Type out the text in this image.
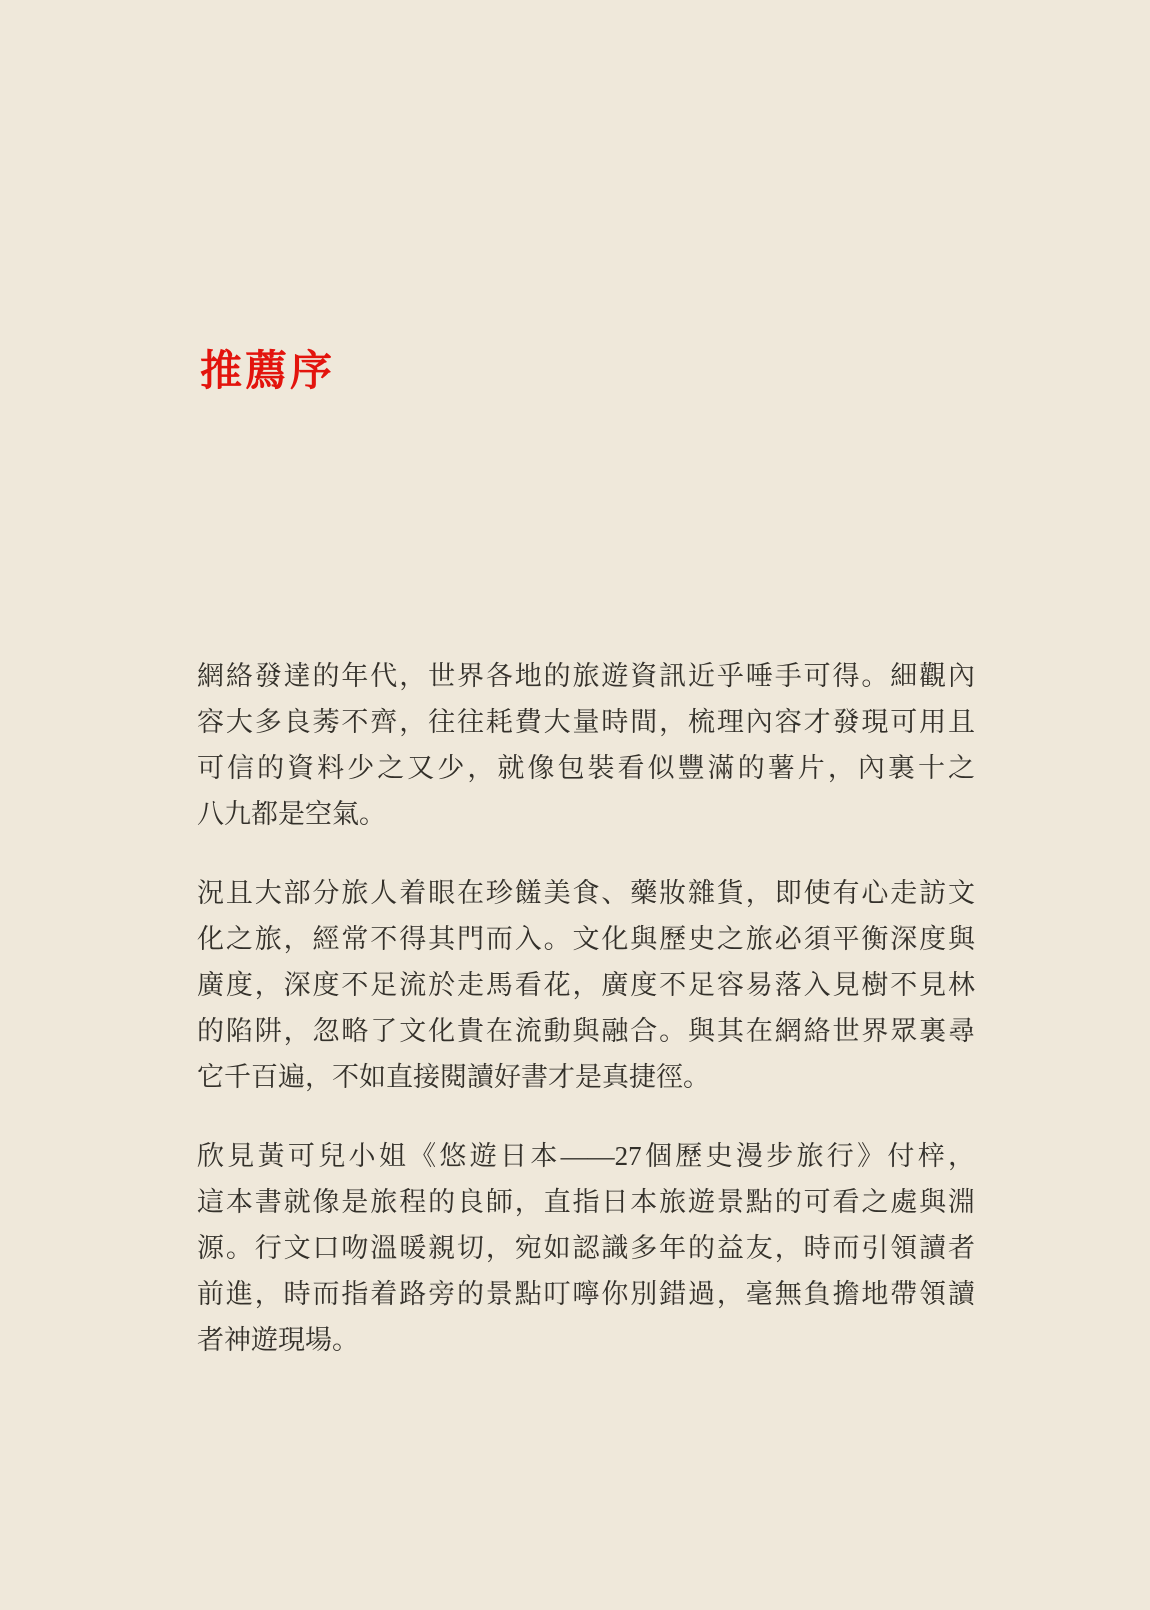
推薦序
網絡發達的年代，世界各地的旅遊資訊近乎唾手可得。細觀內
容大多良莠不齊，往往耗費大量時間，梳理內容才發現可用且
可信的資料少之又少，就像包裝看似豐滿的薯片，內裏十之
八九都是空氣。
況且大部分旅人着眼在珍饈美食、藥妝雜貨，即使有心走訪文
化之旅，經常不得其門而入。文化與歷史之旅必須平衡深度與
廣度，深度不足流於走馬看花，廣度不足容易落入見樹不見林
的陷阱，忽略了文化貴在流動與融合。與其在網絡世界眾裏尋
它千百遍，不如直接閱讀好書才是真捷徑。
欣見黃可兒小姐《悠遊日本——27個歷史漫步旅行》付梓，
這本書就像是旅程的良師，直指日本旅遊景點的可看之處與淵
源。行文口吻溫暖親切，宛如認識多年的益友，時而引領讀者
前進，時而指着路旁的景點叮嚀你別錯過，毫無負擔地帶領讀
者神遊現場。
